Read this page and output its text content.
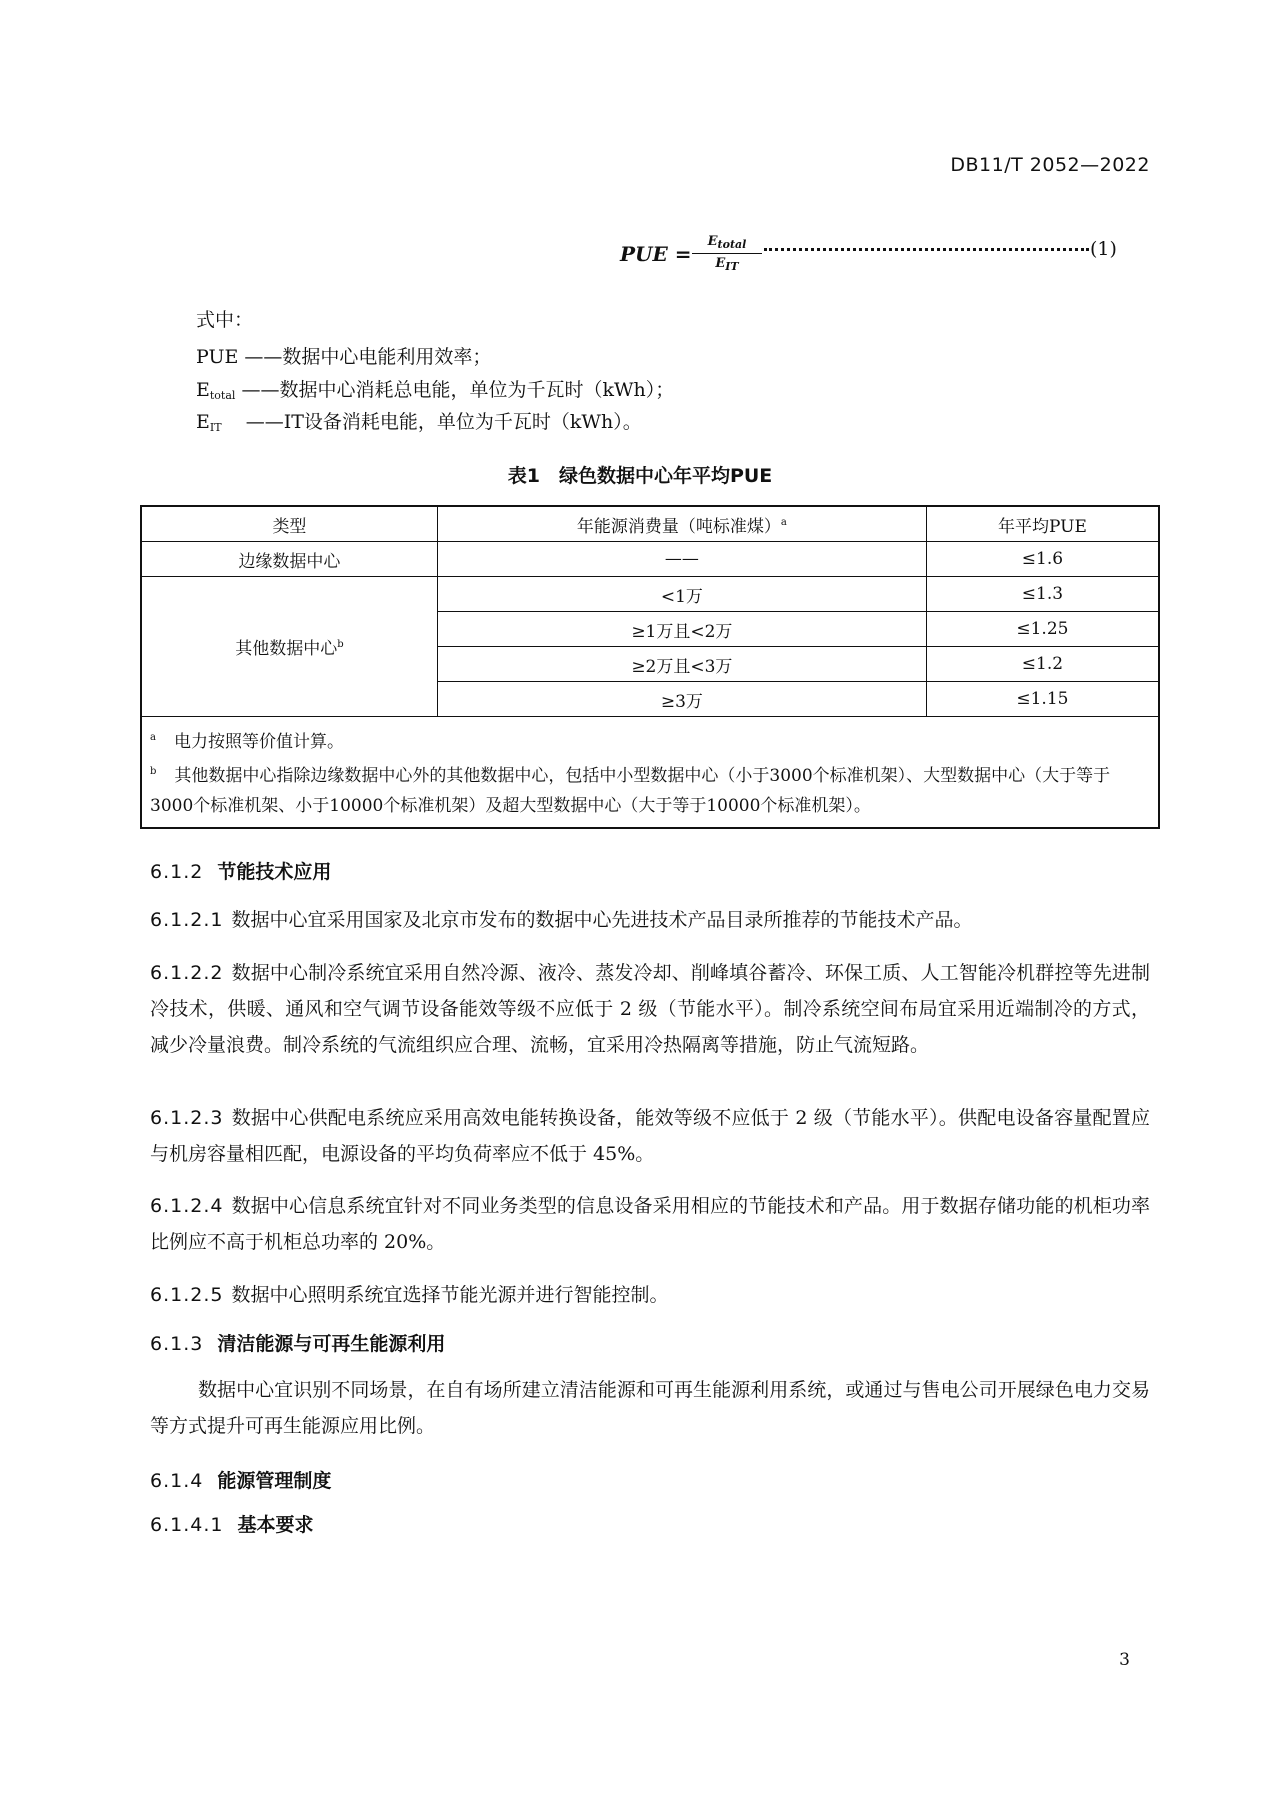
DB11/T 2052—2022
PUE =
$E_{total}$
$E_{IT}$
(1)
式中：
PUE ——数据中心电能利用效率；
$E_{total}$ ——数据中心消耗总电能，单位为千瓦时（kWh）；
$E_{IT}$ ——IT设备消耗电能，单位为千瓦时（kWh）。
表1　绿色数据中心年平均PUE
类型	年能源消费量（吨标准煤）$^a$	年平均PUE
边缘数据中心	——	≤1.6
其他数据中心$^b$	<1万	≤1.3
	≥1万且<2万	≤1.25
	≥2万且<3万	≤1.2
	≥3万	≤1.15

$^a$ 电力按照等价值计算。
$^b$ 其他数据中心指除边缘数据中心外的其他数据中心，包括中小型数据中心（小于3000个标准机架）、大型数据中心（大于等于3000个标准机架、小于10000个标准机架）及超大型数据中心（大于等于10000个标准机架）。		
6.1.2 节能技术应用
6.1.2.1 数据中心宜采用国家及北京市发布的数据中心先进技术产品目录所推荐的节能技术产品。
6.1.2.2 数据中心制冷系统宜采用自然冷源、液冷、蒸发冷却、削峰填谷蓄冷、环保工质、人工智能冷机群控等先进制冷技术，供暖、通风和空气调节设备能效等级不应低于 2 级（节能水平）。制冷系统空间布局宜采用近端制冷的方式，减少冷量浪费。制冷系统的气流组织应合理、流畅，宜采用冷热隔离等措施，防止气流短路。
6.1.2.3 数据中心供配电系统应采用高效电能转换设备，能效等级不应低于 2 级（节能水平）。供配电设备容量配置应与机房容量相匹配，电源设备的平均负荷率应不低于 45%。
6.1.2.4 数据中心信息系统宜针对不同业务类型的信息设备采用相应的节能技术和产品。用于数据存储功能的机柜功率比例应不高于机柜总功率的 20%。
6.1.2.5 数据中心照明系统宜选择节能光源并进行智能控制。
6.1.3 清洁能源与可再生能源利用
数据中心宜识别不同场景，在自有场所建立清洁能源和可再生能源利用系统，或通过与售电公司开展绿色电力交易等方式提升可再生能源应用比例。
6.1.4 能源管理制度
6.1.4.1 基本要求
3
